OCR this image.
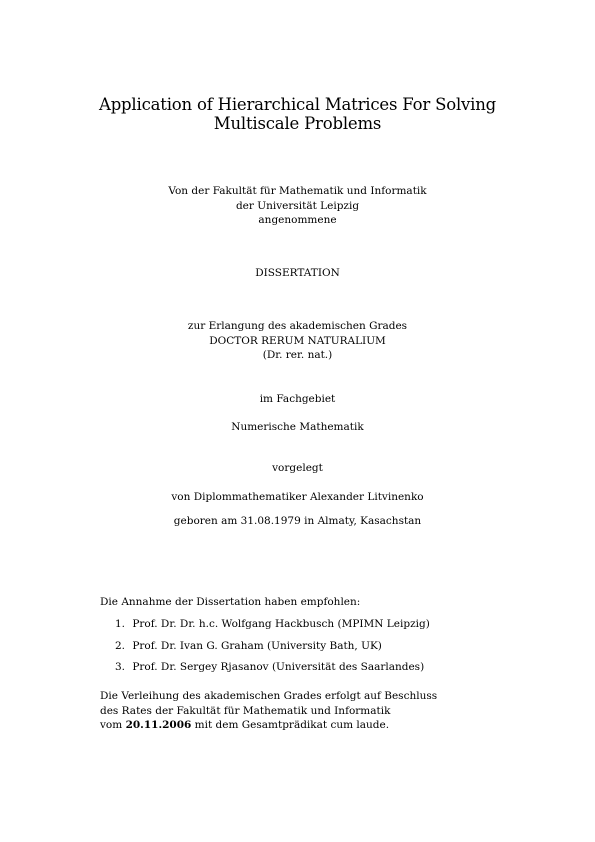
Application of Hierarchical Matrices For Solving
Multiscale Problems
Von der Fakultät für Mathematik und Informatik
der Universität Leipzig
angenommene
DISSERTATION
zur Erlangung des akademischen Grades
DOCTOR RERUM NATURALIUM
(Dr. rer. nat.)
im Fachgebiet
Numerische Mathematik
vorgelegt
von Diplommathematiker Alexander Litvinenko
geboren am 31.08.1979 in Almaty, Kasachstan
Die Annahme der Dissertation haben empfohlen:
1. Prof. Dr. Dr. h.c. Wolfgang Hackbusch (MPIMN Leipzig)
2. Prof. Dr. Ivan G. Graham (University Bath, UK)
3. Prof. Dr. Sergey Rjasanov (Universität des Saarlandes)
Die Verleihung des akademischen Grades erfolgt auf Beschluss
des Rates der Fakultät für Mathematik und Informatik
vom 20.11.2006 mit dem Gesamtprädikat cum laude.
